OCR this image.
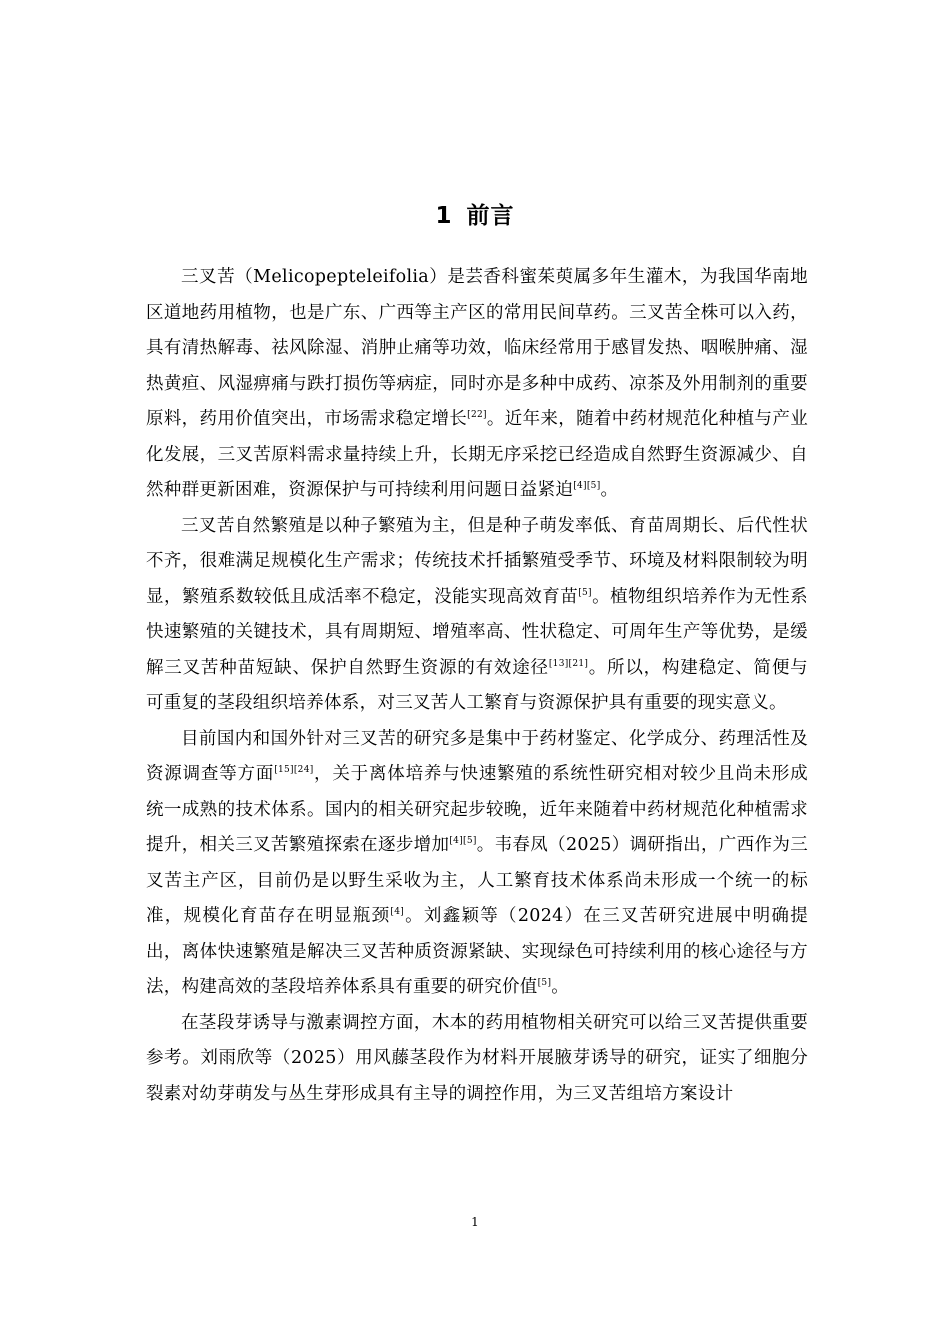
1 前言

三叉苦（Melicopepteleifolia）是芸香科蜜茱萸属多年生灌木，为我国华南地区道地药用植物，也是广东、广西等主产区的常用民间草药。三叉苦全株可以入药，具有清热解毒、祛风除湿、消肿止痛等功效，临床经常用于感冒发热、咽喉肿痛、湿热黄疸、风湿痹痛与跌打损伤等病症，同时亦是多种中成药、凉茶及外用制剂的重要原料，药用价值突出，市场需求稳定增长[22]。近年来，随着中药材规范化种植与产业化发展，三叉苦原料需求量持续上升，长期无序采挖已经造成自然野生资源减少、自然种群更新困难，资源保护与可持续利用问题日益紧迫[4][5]。

三叉苦自然繁殖是以种子繁殖为主，但是种子萌发率低、育苗周期长、后代性状不齐，很难满足规模化生产需求；传统技术扦插繁殖受季节、环境及材料限制较为明显，繁殖系数较低且成活率不稳定，没能实现高效育苗[5]。植物组织培养作为无性系快速繁殖的关键技术，具有周期短、增殖率高、性状稳定、可周年生产等优势，是缓解三叉苦种苗短缺、保护自然野生资源的有效途径[13][21]。所以，构建稳定、简便与可重复的茎段组织培养体系，对三叉苦人工繁育与资源保护具有重要的现实意义。

目前国内和国外针对三叉苦的研究多是集中于药材鉴定、化学成分、药理活性及资源调查等方面[15][24]，关于离体培养与快速繁殖的系统性研究相对较少且尚未形成统一成熟的技术体系。国内的相关研究起步较晚，近年来随着中药材规范化种植需求提升，相关三叉苦繁殖探索在逐步增加[4][5]。韦春凤（2025）调研指出，广西作为三叉苦主产区，目前仍是以野生采收为主，人工繁育技术体系尚未形成一个统一的标准，规模化育苗存在明显瓶颈[4]。刘鑫颖等（2024）在三叉苦研究进展中明确提出，离体快速繁殖是解决三叉苦种质资源紧缺、实现绿色可持续利用的核心途径与方法，构建高效的茎段培养体系具有重要的研究价值[5]。

在茎段芽诱导与激素调控方面，木本的药用植物相关研究可以给三叉苦提供重要参考。刘雨欣等（2025）用风藤茎段作为材料开展腋芽诱导的研究，证实了细胞分裂素对幼芽萌发与丛生芽形成具有主导的调控作用，为三叉苦组培方案设计

1
